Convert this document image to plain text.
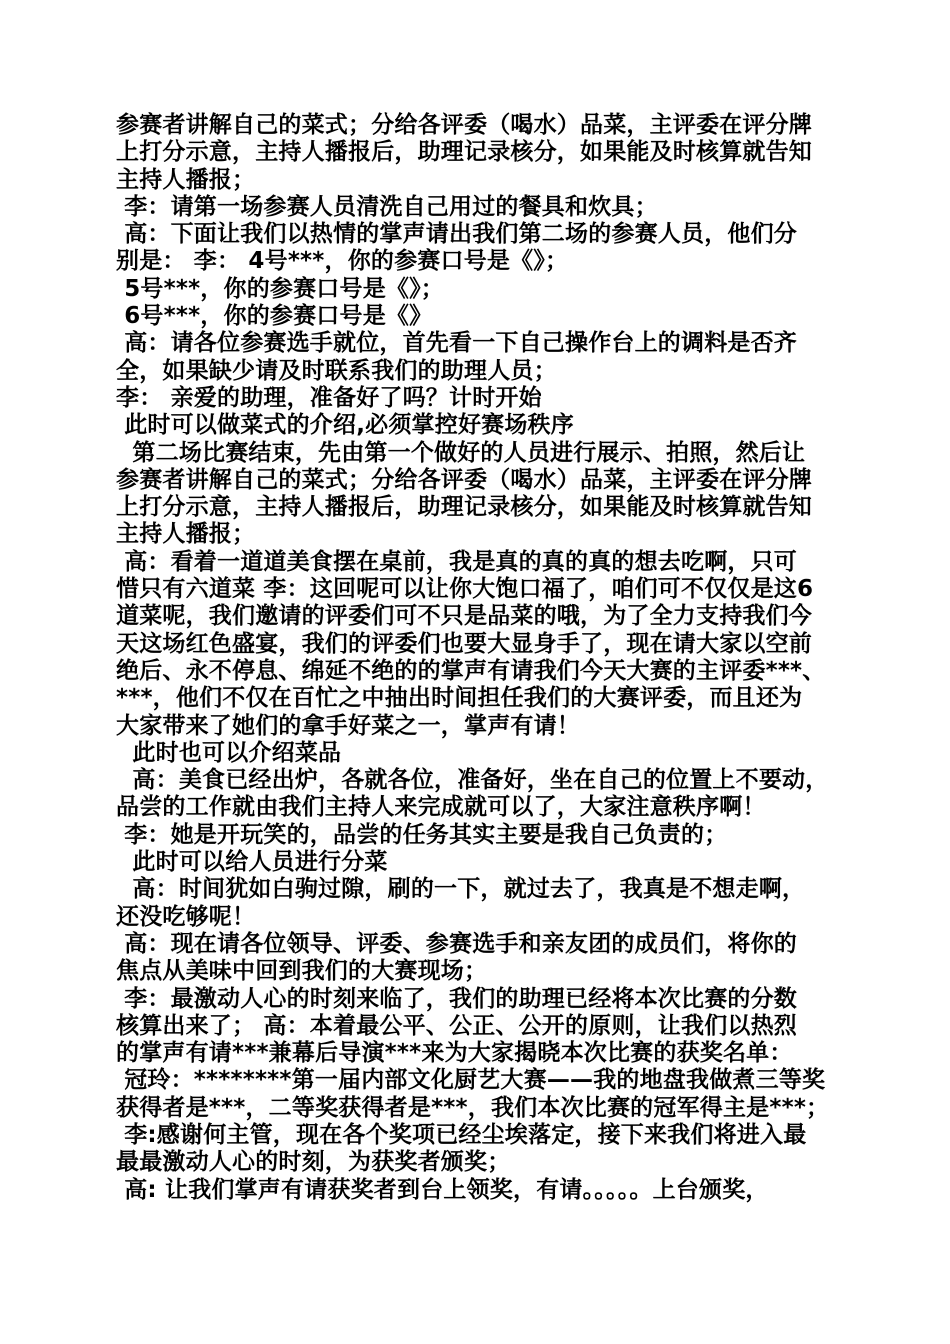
参赛者讲解自己的菜式；分给各评委（喝水）品菜，主评委在评分牌
上打分示意，主持人播报后，助理记录核分，如果能及时核算就告知
主持人播报；
李：请第一场参赛人员清洗自己用过的餐具和炊具；
高：下面让我们以热情的掌声请出我们第二场的参赛人员，他们分
别是： 李： 4号***，你的参赛口号是《》；
5号***，你的参赛口号是《》；
6号***，你的参赛口号是《》
高：请各位参赛选手就位，首先看一下自己操作台上的调料是否齐
全，如果缺少请及时联系我们的助理人员；
李： 亲爱的助理，准备好了吗？计时开始
此时可以做菜式的介绍,必须掌控好赛场秩序
第二场比赛结束，先由第一个做好的人员进行展示、拍照，然后让
参赛者讲解自己的菜式；分给各评委（喝水）品菜，主评委在评分牌
上打分示意，主持人播报后，助理记录核分，如果能及时核算就告知
主持人播报；
高：看着一道道美食摆在桌前，我是真的真的真的想去吃啊，只可
惜只有六道菜 李：这回呢可以让你大饱口福了，咱们可不仅仅是这6
道菜呢，我们邀请的评委们可不只是品菜的哦，为了全力支持我们今
天这场红色盛宴，我们的评委们也要大显身手了，现在请大家以空前
绝后、永不停息、绵延不绝的的掌声有请我们今天大赛的主评委***、
***，他们不仅在百忙之中抽出时间担任我们的大赛评委，而且还为
大家带来了她们的拿手好菜之一，掌声有请！
此时也可以介绍菜品
高：美食已经出炉，各就各位，准备好，坐在自己的位置上不要动，
品尝的工作就由我们主持人来完成就可以了，大家注意秩序啊！
李：她是开玩笑的，品尝的任务其实主要是我自己负责的；
此时可以给人员进行分菜
高：时间犹如白驹过隙，刷的一下，就过去了，我真是不想走啊，
还没吃够呢！
高：现在请各位领导、评委、参赛选手和亲友团的成员们，将你的
焦点从美味中回到我们的大赛现场；
李：最激动人心的时刻来临了，我们的助理已经将本次比赛的分数
核算出来了； 高：本着最公平、公正、公开的原则，让我们以热烈
的掌声有请***兼幕后导演***来为大家揭晓本次比赛的获奖名单：
冠玲：********第一届内部文化厨艺大赛——我的地盘我做煮三等奖
获得者是***，二等奖获得者是***，我们本次比赛的冠军得主是***；
李:感谢何主管，现在各个奖项已经尘埃落定，接下来我们将进入最
最最激动人心的时刻，为获奖者颁奖；
高: 让我们掌声有请获奖者到台上领奖，有请。。。。。上台颁奖，
